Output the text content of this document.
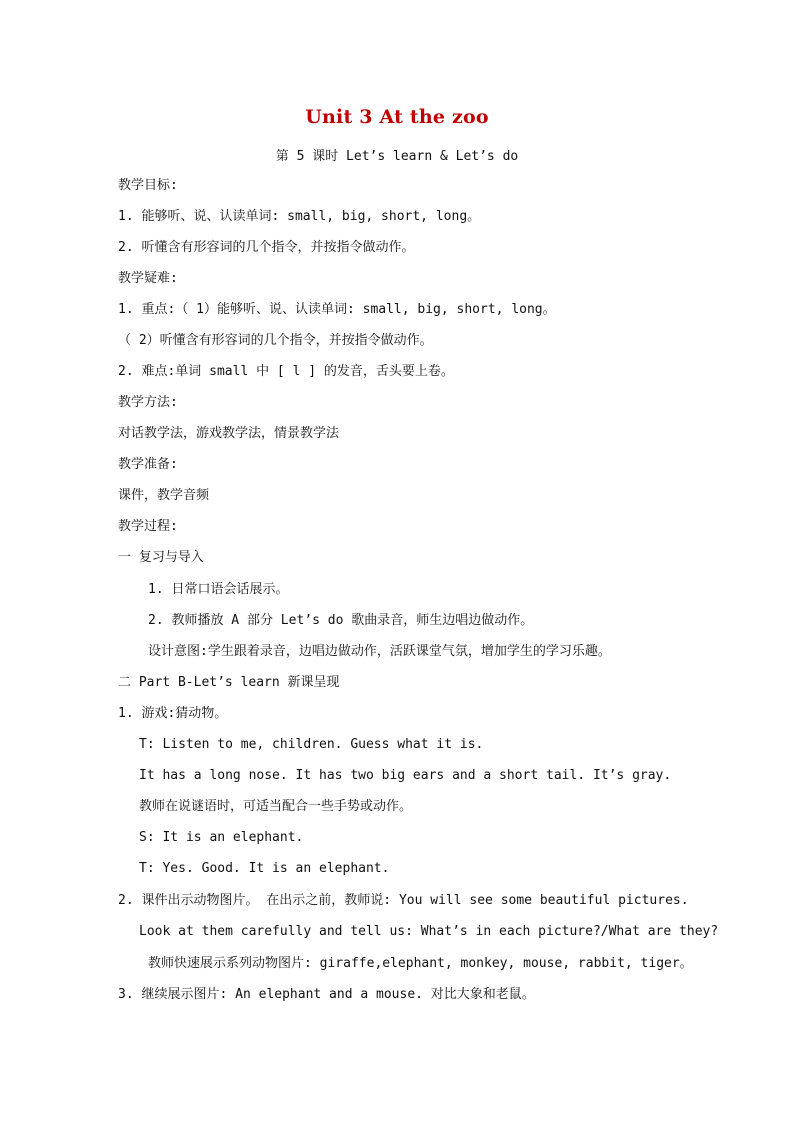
Unit 3 At the zoo
第 5 课时 Let’s learn & Let’s do
教学目标:
1. 能够听、说、认读单词: small, big, short, long。
2. 听懂含有形容词的几个指令，并按指令做动作。
教学疑难:
1. 重点:（ 1）能够听、说、认读单词: small, big, short, long。
（ 2）听懂含有形容词的几个指令，并按指令做动作。
2. 难点:单词 small 中 [ l ] 的发音，舌头要上卷。
教学方法:
对话教学法，游戏教学法，情景教学法
教学准备:
课件，教学音频
教学过程:
一 复习与导入
1. 日常口语会话展示。
2. 教师播放 A 部分 Let’s do 歌曲录音，师生边唱边做动作。
设计意图:学生跟着录音，边唱边做动作，活跃课堂气氛，增加学生的学习乐趣。
二 Part B-Let’s learn 新课呈现
1. 游戏:猜动物。
T: Listen to me, children. Guess what it is.
It has a long nose. It has two big ears and a short tail. It’s gray.
教师在说谜语时，可适当配合一些手势或动作。
S: It is an elephant.
T: Yes. Good. It is an elephant.
2. 课件出示动物图片。 在出示之前，教师说: You will see some beautiful pictures.
Look at them carefully and tell us: What’s in each picture?/What are they?
教师快速展示系列动物图片: giraffe,elephant, monkey, mouse, rabbit, tiger。
3. 继续展示图片: An elephant and a mouse. 对比大象和老鼠。
